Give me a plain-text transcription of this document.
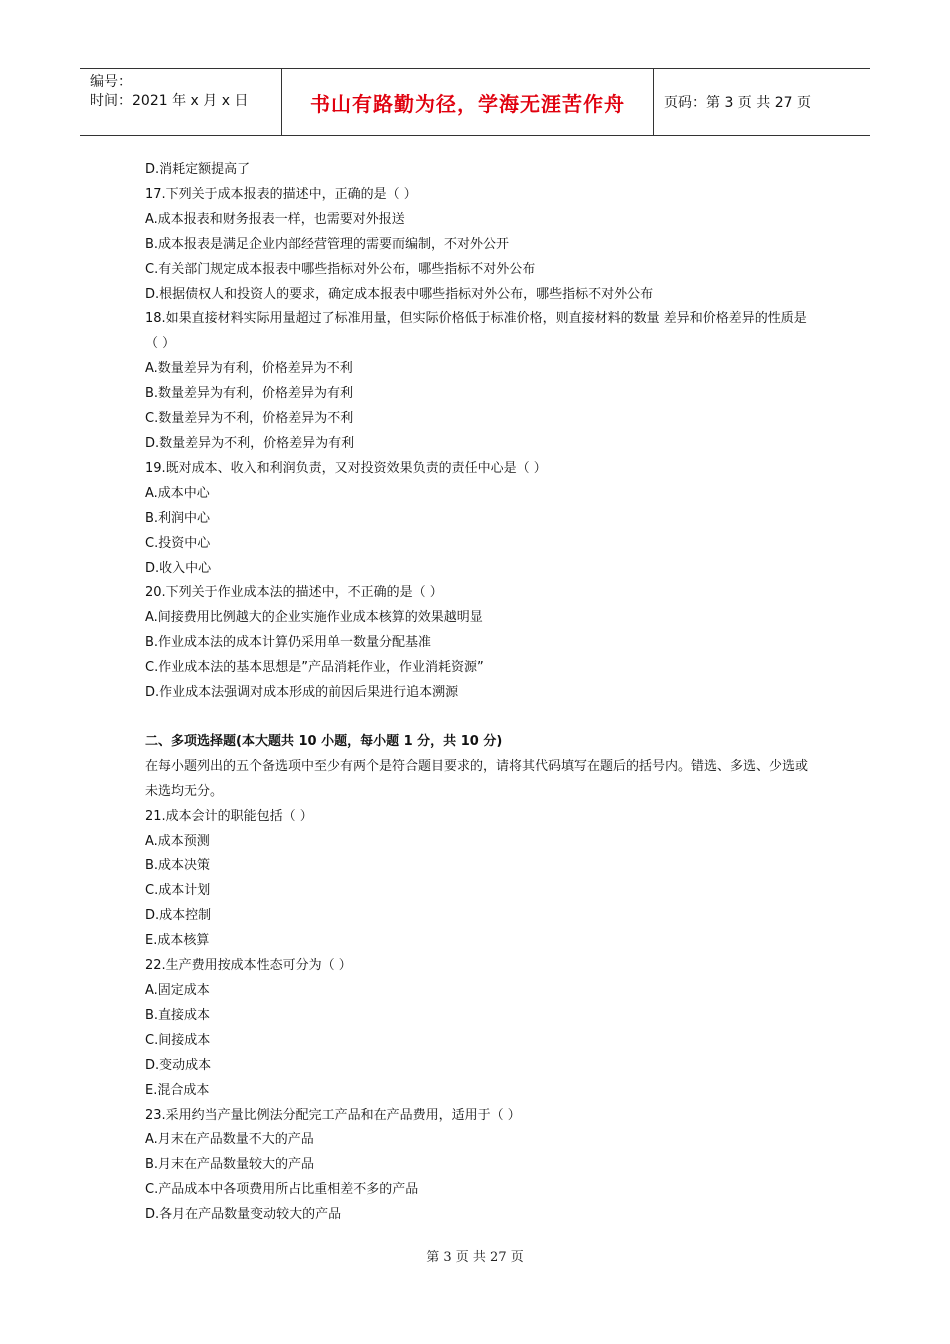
编号：
时间：2021 年 x 月 x 日	书山有路勤为径，学海无涯苦作舟	页码：第 3 页 共 27 页
D.消耗定额提高了
17.下列关于成本报表的描述中，正确的是（ ）
A.成本报表和财务报表一样，也需要对外报送
B.成本报表是满足企业内部经营管理的需要而编制，不对外公开
C.有关部门规定成本报表中哪些指标对外公布，哪些指标不对外公布
D.根据债权人和投资人的要求，确定成本报表中哪些指标对外公布，哪些指标不对外公布
18.如果直接材料实际用量超过了标准用量，但实际价格低于标准价格，则直接材料的数量 差异和价格差异的性质是（ ）
A.数量差异为有利，价格差异为不利
B.数量差异为有利，价格差异为有利
C.数量差异为不利，价格差异为不利
D.数量差异为不利，价格差异为有利
19.既对成本、收入和利润负责，又对投资效果负责的责任中心是（ ）
A.成本中心
B.利润中心
C.投资中心
D.收入中心
20.下列关于作业成本法的描述中，不正确的是（ ）
A.间接费用比例越大的企业实施作业成本核算的效果越明显
B.作业成本法的成本计算仍采用单一数量分配基准
C.作业成本法的基本思想是”产品消耗作业，作业消耗资源”
D.作业成本法强调对成本形成的前因后果进行追本溯源
二、多项选择题(本大题共 10 小题，每小题 1 分，共 10 分)
在每小题列出的五个备选项中至少有两个是符合题目要求的，请将其代码填写在题后的括号内。错选、多选、少选或未选均无分。
21.成本会计的职能包括（ ）
A.成本预测
B.成本决策
C.成本计划
D.成本控制
E.成本核算
22.生产费用按成本性态可分为（ ）
A.固定成本
B.直接成本
C.间接成本
D.变动成本
E.混合成本
23.采用约当产量比例法分配完工产品和在产品费用，适用于（ ）
A.月末在产品数量不大的产品
B.月末在产品数量较大的产品
C.产品成本中各项费用所占比重相差不多的产品
D.各月在产品数量变动较大的产品
第 3 页 共 27 页
